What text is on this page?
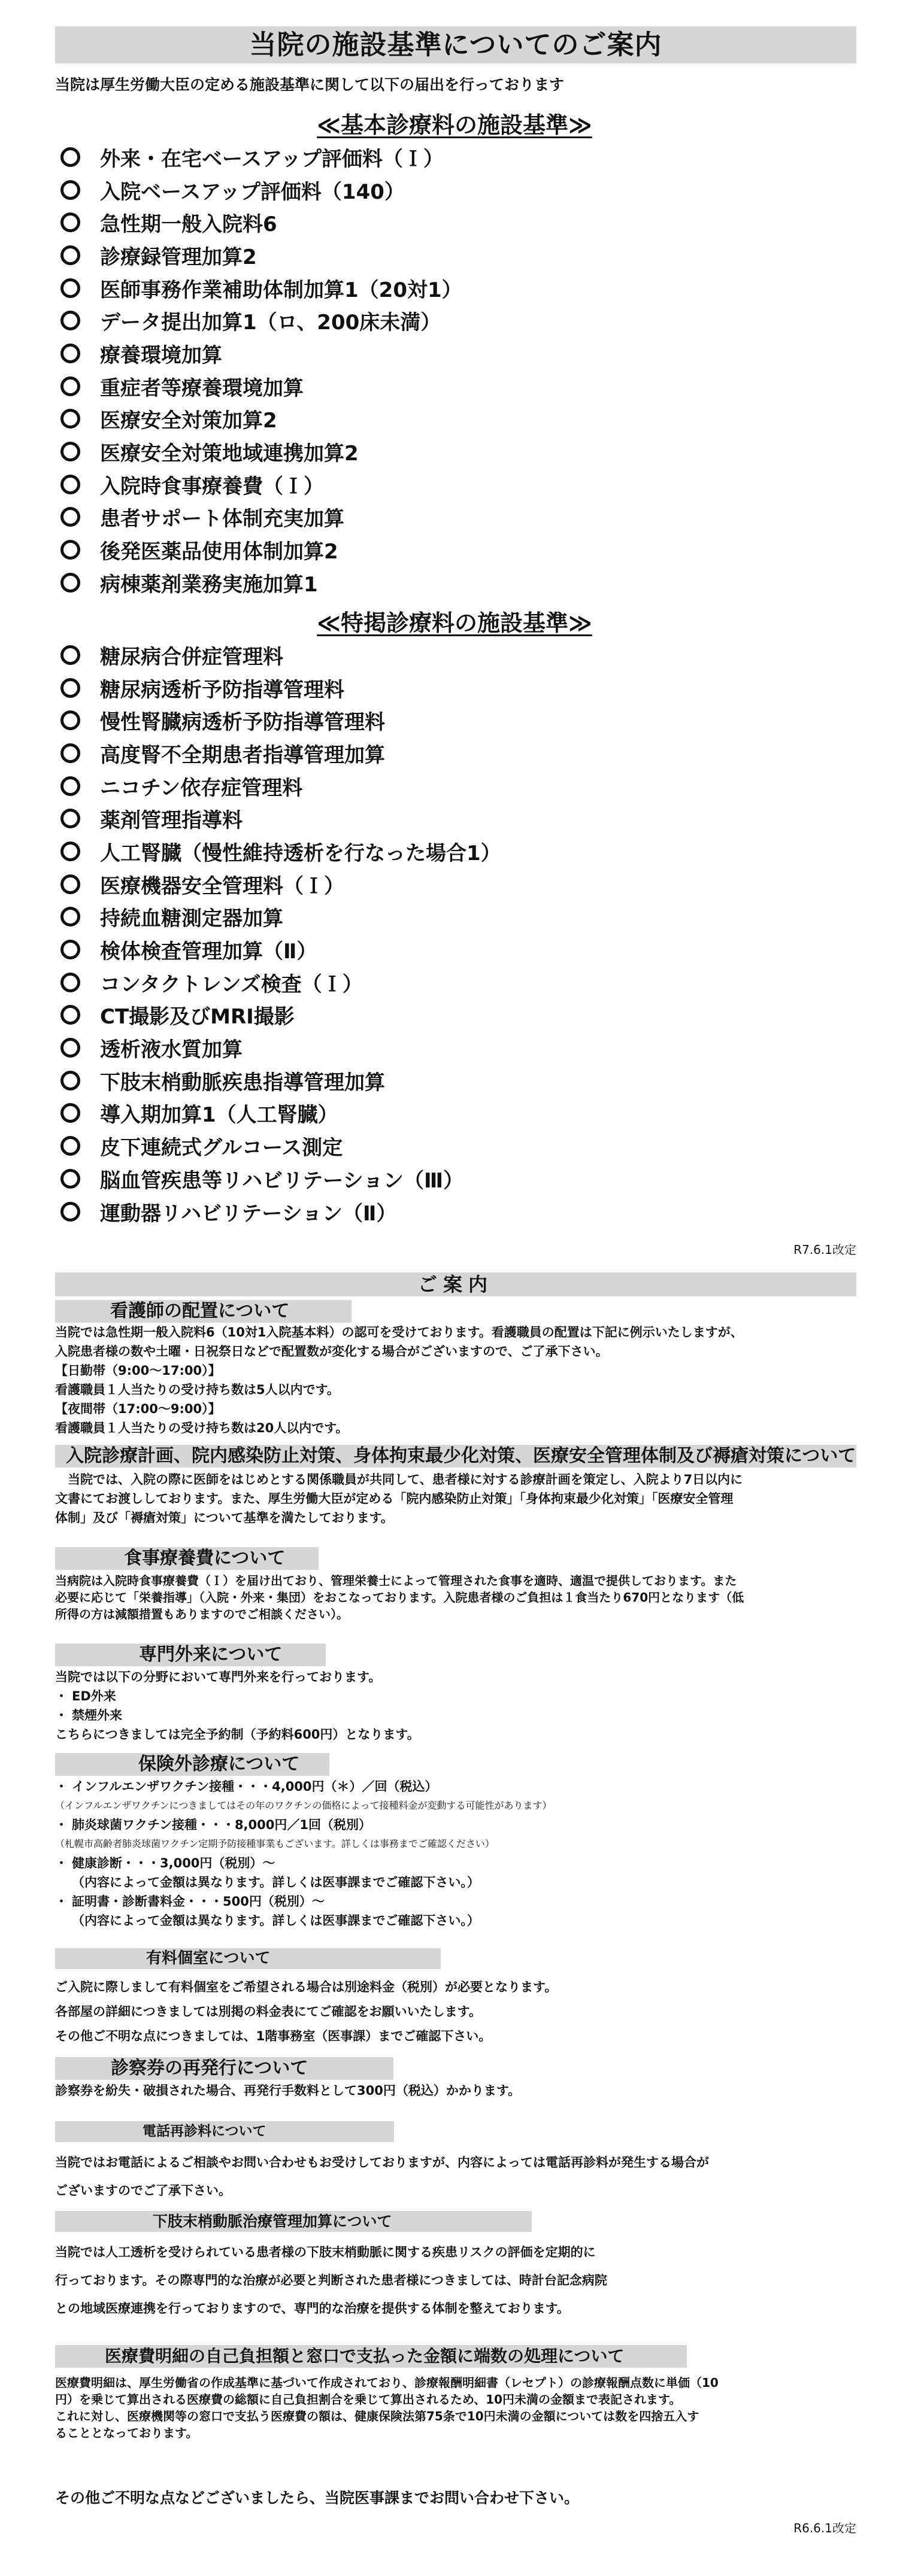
当院の施設基準についてのご案内
当院は厚生労働大臣の定める施設基準に関して以下の届出を行っております
≪基本診療料の施設基準≫
外来・在宅ベースアップ評価料（Ｉ）
入院ベースアップ評価料（140）
急性期一般入院料6
診療録管理加算2
医師事務作業補助体制加算1（20対1）
データ提出加算1（ロ、200床未満）
療養環境加算
重症者等療養環境加算
医療安全対策加算2
医療安全対策地域連携加算2
入院時食事療養費（Ｉ）
患者サポート体制充実加算
後発医薬品使用体制加算2
病棟薬剤業務実施加算1
≪特掲診療料の施設基準≫
糖尿病合併症管理料
糖尿病透析予防指導管理料
慢性腎臓病透析予防指導管理料
高度腎不全期患者指導管理加算
ニコチン依存症管理料
薬剤管理指導料
人工腎臓（慢性維持透析を行なった場合1）
医療機器安全管理料（Ｉ）
持続血糖測定器加算
検体検査管理加算（Ⅱ）
コンタクトレンズ検査（Ｉ）
CT撮影及びMRI撮影
透析液水質加算
下肢末梢動脈疾患指導管理加算
導入期加算1（人工腎臓）
皮下連続式グルコース測定
脳血管疾患等リハビリテーション（Ⅲ）
運動器リハビリテーション（Ⅱ）
R7.6.1改定
ご案内
看護師の配置について

当院では急性期一般入院料6（10対1入院基本料）の認可を受けております。看護職員の配置は下記に例示いたしますが、

入院患者様の数や土曜・日祝祭日などで配置数が変化する場合がございますので、ご了承下さい。

【日勤帯（9:00～17:00）】

看護職員１人当たりの受け持ち数は5人以内です。

【夜間帯（17:00～9:00）】

看護職員１人当たりの受け持ち数は20人以内です。

入院診療計画、院内感染防止対策、身体拘束最少化対策、医療安全管理体制及び褥瘡対策について

　当院では、入院の際に医師をはじめとする関係職員が共同して、患者様に対する診療計画を策定し、入院より7日以内に

文書にてお渡ししております。また、厚生労働大臣が定める「院内感染防止対策」「身体拘束最少化対策」「医療安全管理

体制」及び「褥瘡対策」について基準を満たしております。

食事療養費について

当病院は入院時食事療養費（Ｉ）を届け出ており、管理栄養士によって管理された食事を適時、適温で提供しております。また

必要に応じて「栄養指導」（入院・外来・集団）をおこなっております。入院患者様のご負担は１食当たり670円となります（低

所得の方は減額措置もありますのでご相談ください）。

専門外来について

当院では以下の分野において専門外来を行っております。

・ ED外来
・ 禁煙外来

こちらにつきましては完全予約制（予約料600円）となります。

保険外診療について
・ インフルエンザワクチン接種・・・4,000円（＊）／回（税込）

（インフルエンザワクチンにつきましてはその年のワクチンの価格によって接種料金が変動する可能性があります）

・ 肺炎球菌ワクチン接種・・・8,000円／1回（税別）

（札幌市高齢者肺炎球菌ワクチン定期予防接種事業もございます。詳しくは事務までご確認ください）

・ 健康診断・・・3,000円（税別）～

（内容によって金額は異なります。詳しくは医事課までご確認下さい。）

・ 証明書・診断書料金・・・500円（税別）～

（内容によって金額は異なります。詳しくは医事課までご確認下さい。）

有料個室について

ご入院に際しまして有料個室をご希望される場合は別途料金（税別）が必要となります。

各部屋の詳細につきましては別掲の料金表にてご確認をお願いいたします。

その他ご不明な点につきましては、1階事務室（医事課）までご確認下さい。

診察券の再発行について

診察券を紛失・破損された場合、再発行手数料として300円（税込）かかります。

電話再診料について

当院ではお電話によるご相談やお問い合わせもお受けしておりますが、内容によっては電話再診料が発生する場合が

ございますのでご了承下さい。

下肢末梢動脈治療管理加算について

当院では人工透析を受けられている患者様の下肢末梢動脈に関する疾患リスクの評価を定期的に

行っております。その際専門的な治療が必要と判断された患者様につきましては、時計台記念病院

との地域医療連携を行っておりますので、専門的な治療を提供する体制を整えております。

医療費明細の自己負担額と窓口で支払った金額に端数の処理について

医療費明細は、厚生労働省の作成基準に基づいて作成されており、診療報酬明細書（レセプト）の診療報酬点数に単価（10

円）を乗じて算出される医療費の総額に自己負担割合を乗じて算出されるため、10円未満の金額まで表記されます。

これに対し、医療機関等の窓口で支払う医療費の額は、健康保険法第75条で10円未満の金額については数を四捨五入す

ることとなっております。

その他ご不明な点などございましたら、当院医事課までお問い合わせ下さい。
R6.6.1改定
